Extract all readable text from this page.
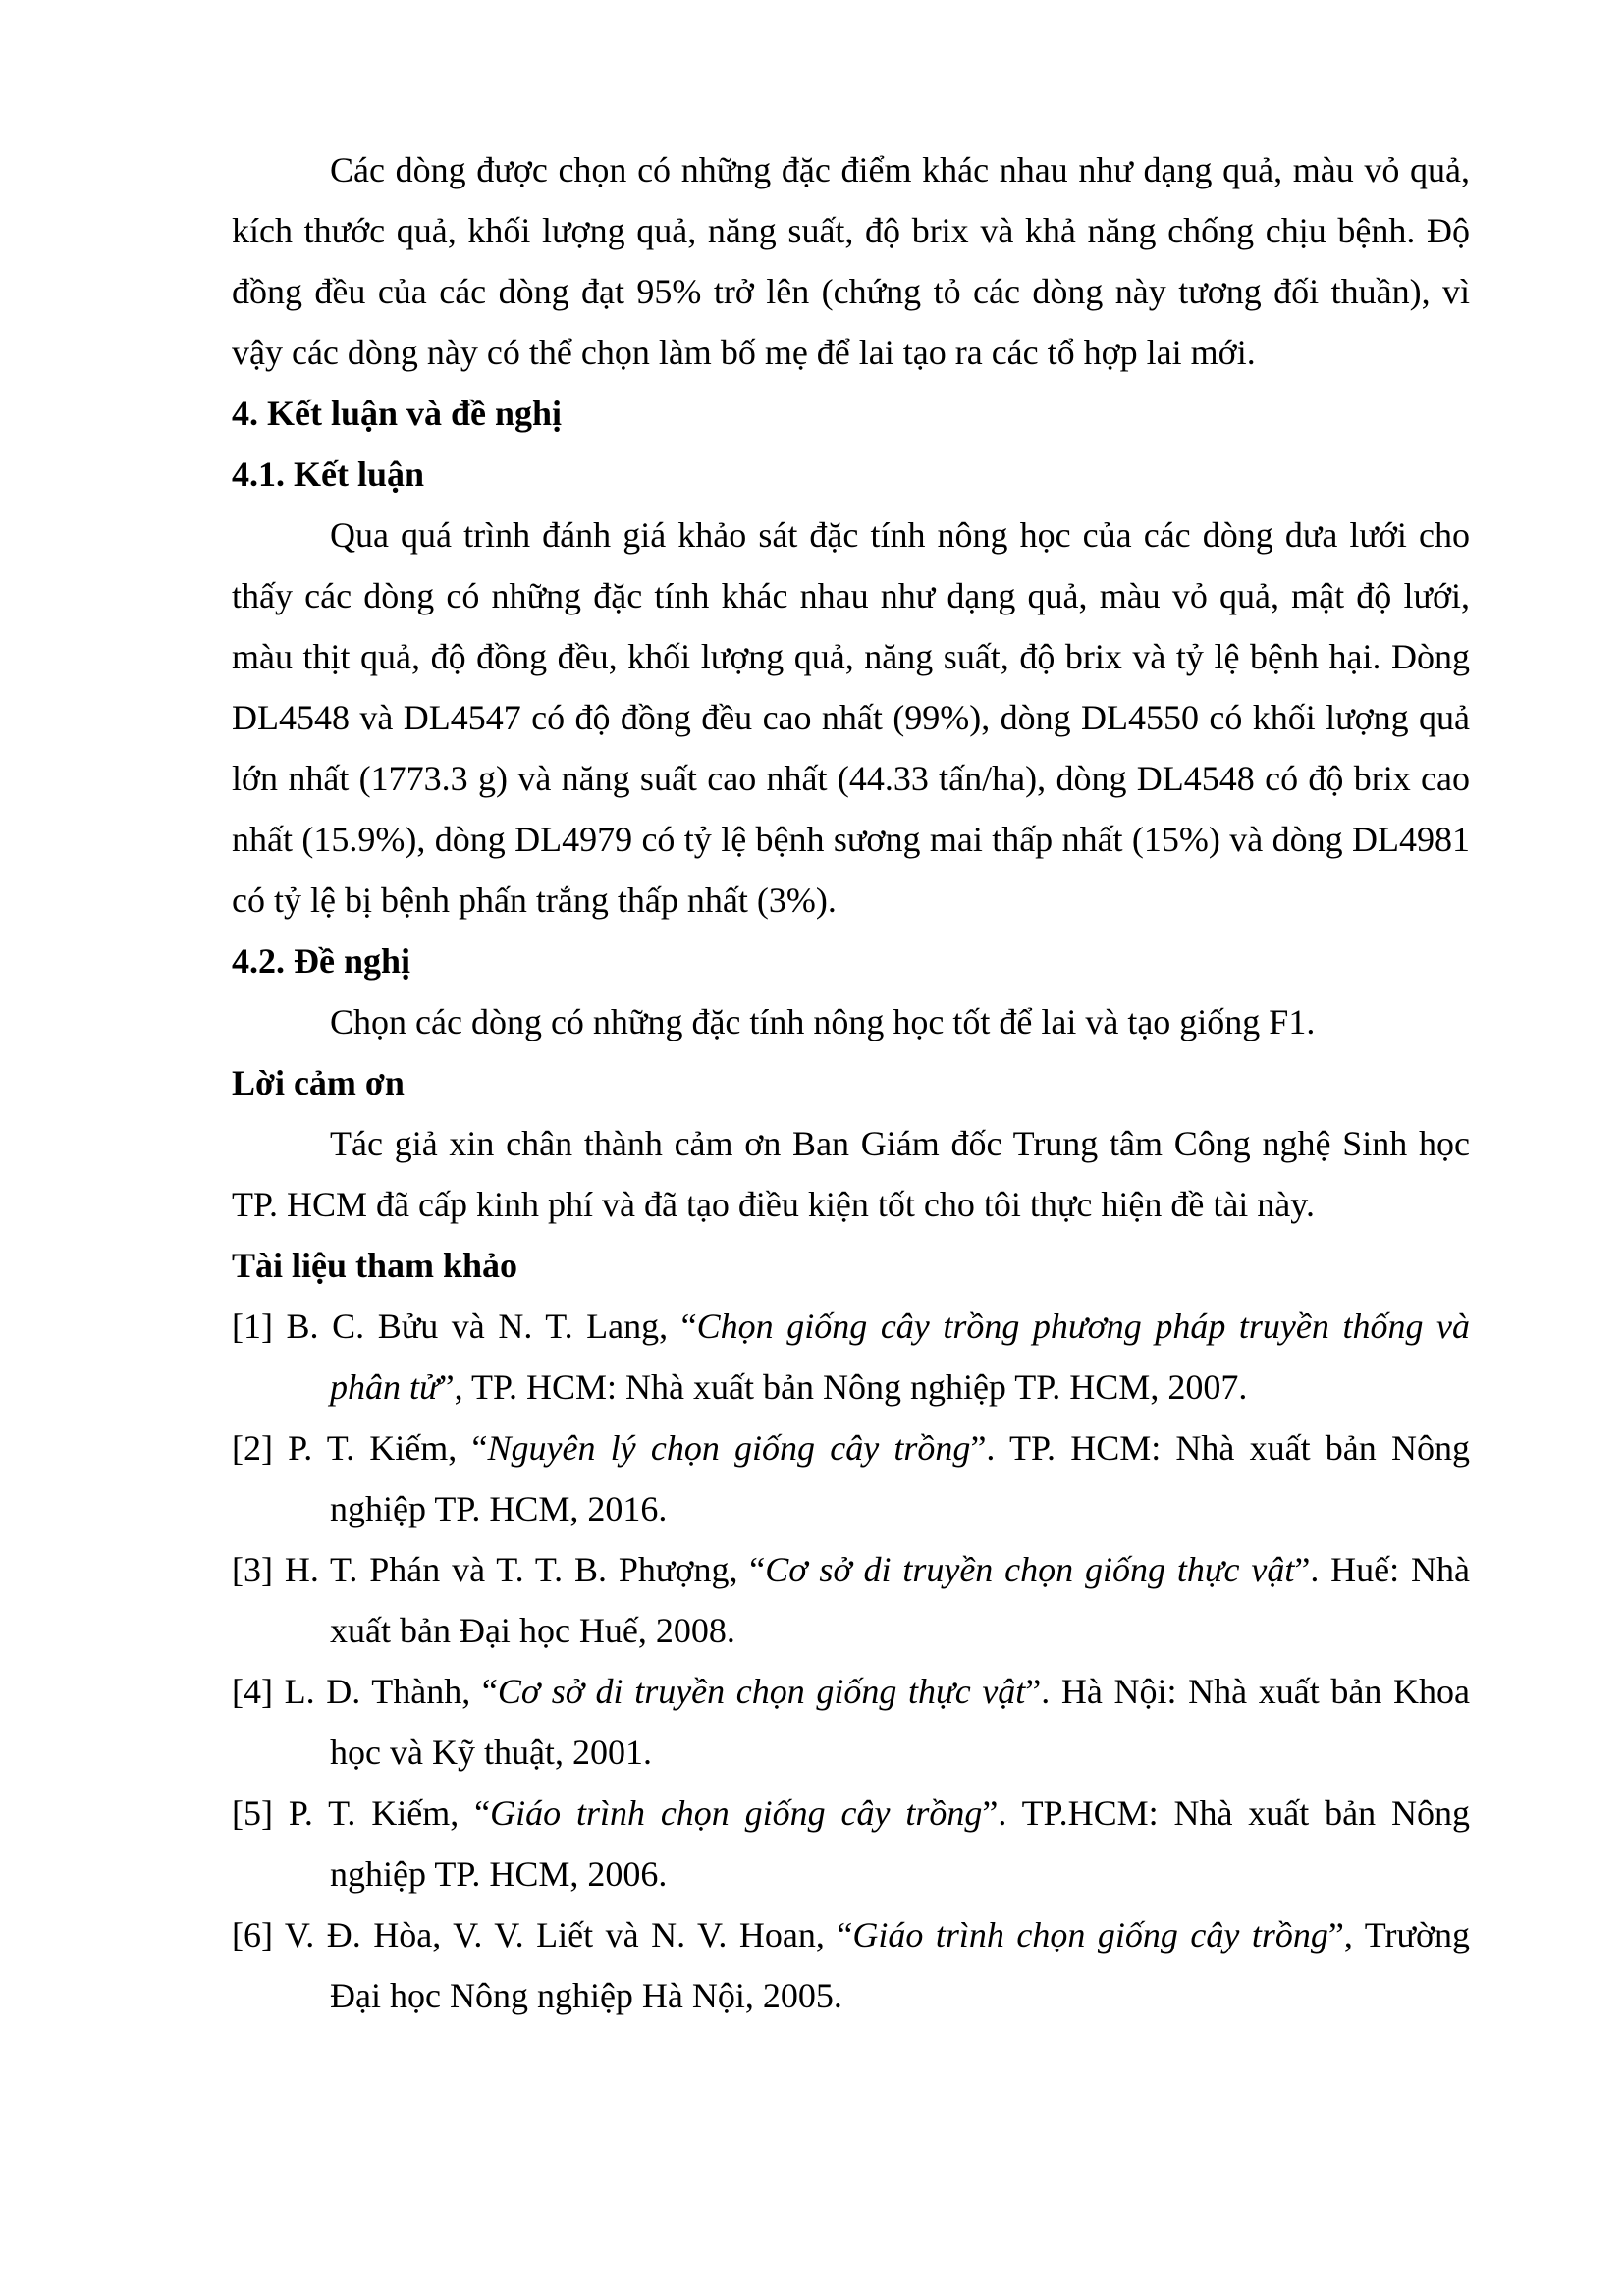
Các dòng được chọn có những đặc điểm khác nhau như dạng quả, màu vỏ quả, kích thước quả, khối lượng quả, năng suất, độ brix và khả năng chống chịu bệnh. Độ đồng đều của các dòng đạt 95% trở lên (chứng tỏ các dòng này tương đối thuần), vì vậy các dòng này có thể chọn làm bố mẹ để lai tạo ra các tổ hợp lai mới.

4. Kết luận và đề nghị

4.1. Kết luận

Qua quá trình đánh giá khảo sát đặc tính nông học của các dòng dưa lưới cho thấy các dòng có những đặc tính khác nhau như dạng quả, màu vỏ quả, mật độ lưới, màu thịt quả, độ đồng đều, khối lượng quả, năng suất, độ brix và tỷ lệ bệnh hại. Dòng DL4548 và DL4547 có độ đồng đều cao nhất (99%), dòng DL4550 có khối lượng quả lớn nhất (1773.3 g) và năng suất cao nhất (44.33 tấn/ha), dòng DL4548 có độ brix cao nhất (15.9%), dòng DL4979 có tỷ lệ bệnh sương mai thấp nhất (15%) và dòng DL4981 có tỷ lệ bị bệnh phấn trắng thấp nhất (3%).

4.2. Đề nghị

Chọn các dòng có những đặc tính nông học tốt để lai và tạo giống F1.

Lời cảm ơn

Tác giả xin chân thành cảm ơn Ban Giám đốc Trung tâm Công nghệ Sinh học TP. HCM đã cấp kinh phí và đã tạo điều kiện tốt cho tôi thực hiện đề tài này.

Tài liệu tham khảo

[1] B. C. Bửu và N. T. Lang, “Chọn giống cây trồng phương pháp truyền thống và phân tử”, TP. HCM: Nhà xuất bản Nông nghiệp TP. HCM, 2007.

[2] P. T. Kiếm, “Nguyên lý chọn giống cây trồng”. TP. HCM: Nhà xuất bản Nông nghiệp TP. HCM, 2016.

[3] H. T. Phán và T. T. B. Phượng, “Cơ sở di truyền chọn giống thực vật”. Huế: Nhà xuất bản Đại học Huế, 2008.

[4] L. D. Thành, “Cơ sở di truyền chọn giống thực vật”. Hà Nội: Nhà xuất bản Khoa học và Kỹ thuật, 2001.

[5] P. T. Kiếm, “Giáo trình chọn giống cây trồng”. TP.HCM: Nhà xuất bản Nông nghiệp TP. HCM, 2006.

[6] V. Đ. Hòa, V. V. Liết và N. V. Hoan, “Giáo trình chọn giống cây trồng”, Trường Đại học Nông nghiệp Hà Nội, 2005.
